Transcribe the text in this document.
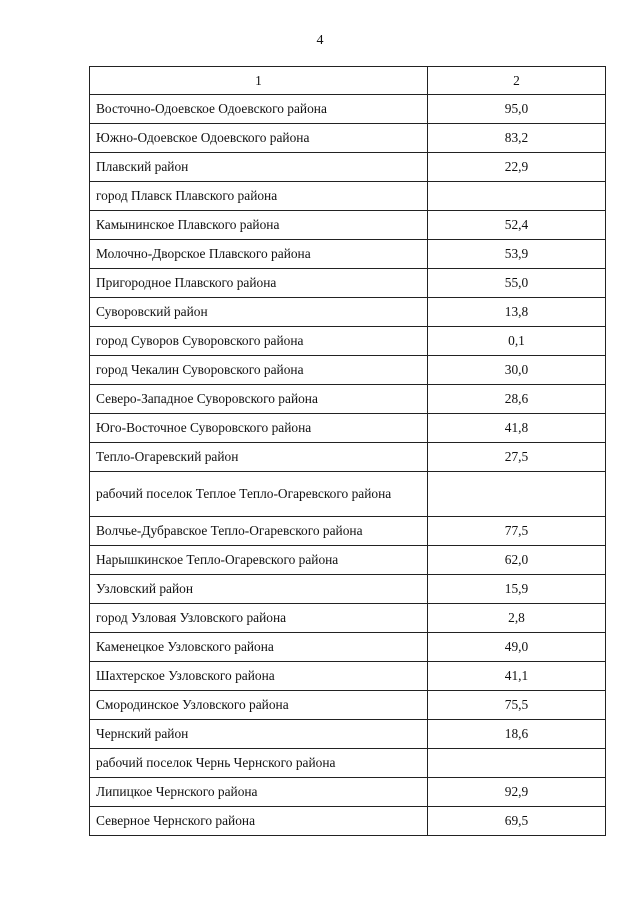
4
1	2
Восточно-Одоевское Одоевского района	95,0
Южно-Одоевское Одоевского района	83,2
Плавский район	22,9
город Плавск Плавского района	
Камынинское Плавского района	52,4
Молочно-Дворское Плавского района	53,9
Пригородное Плавского района	55,0
Суворовский район	13,8
город Суворов Суворовского района	0,1
город Чекалин Суворовского района	30,0
Северо-Западное Суворовского района	28,6
Юго-Восточное Суворовского района	41,8
Тепло-Огаревский район	27,5
рабочий поселок Теплое Тепло-Огаревского района	
Волчье-Дубравское Тепло-Огаревского района	77,5
Нарышкинское Тепло-Огаревского района	62,0
Узловский район	15,9
город Узловая Узловского района	2,8
Каменецкое Узловского района	49,0
Шахтерское Узловского района	41,1
Смородинское Узловского района	75,5
Чернский район	18,6
рабочий поселок Чернь Чернского района	
Липицкое Чернского района	92,9
Северное Чернского района	69,5
